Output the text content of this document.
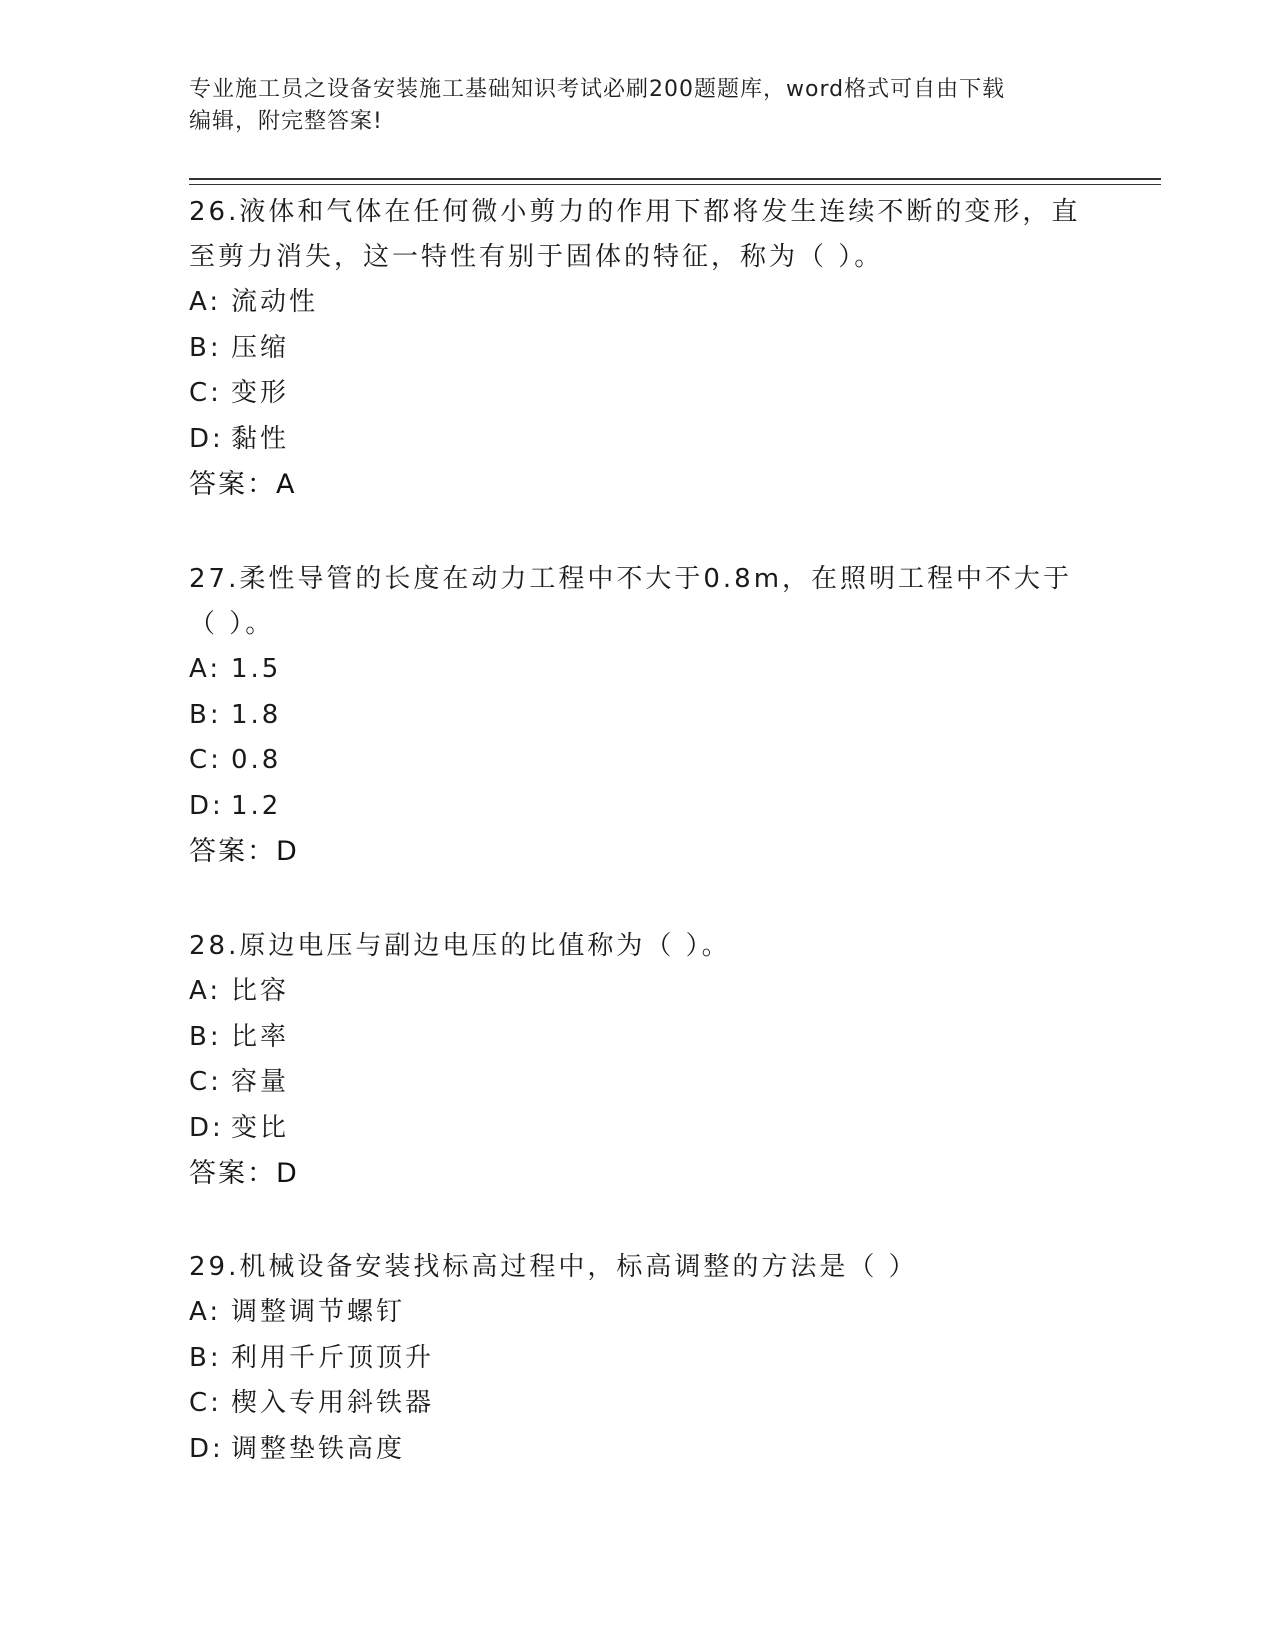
专业施工员之设备安装施工基础知识考试必刷200题题库，word格式可自由下载
编辑，附完整答案!
26.液体和气体在任何微小剪力的作用下都将发生连续不断的变形，直至剪力消失，这一特性有别于固体的特征，称为（ ）。
A: 流动性
B: 压缩
C: 变形
D: 黏性
答案：A
27.柔性导管的长度在动力工程中不大于0.8m，在照明工程中不大于（ ）。
A: 1.5
B: 1.8
C: 0.8
D: 1.2
答案：D
28.原边电压与副边电压的比值称为（ ）。
A: 比容
B: 比率
C: 容量
D: 变比
答案：D
29.机械设备安装找标高过程中，标高调整的方法是（ ）
A: 调整调节螺钉
B: 利用千斤顶顶升
C: 楔入专用斜铁器
D: 调整垫铁高度
